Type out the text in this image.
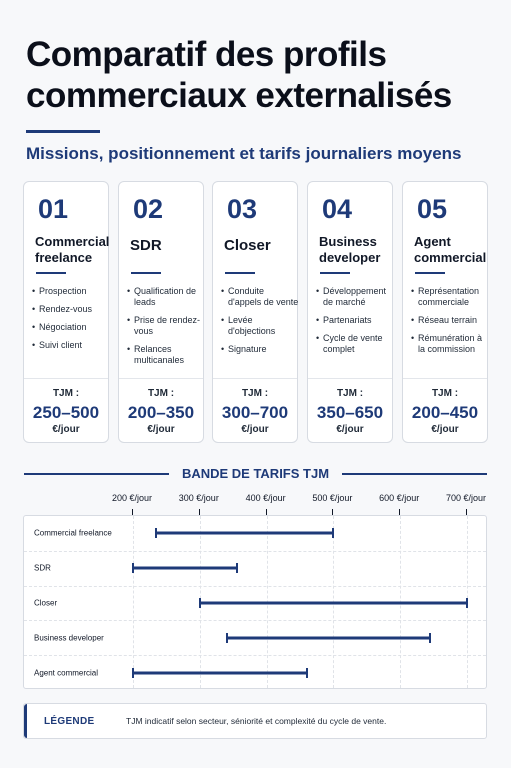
Comparatif des profils commerciaux externalisés
Missions, positionnement et tarifs journaliers moyens
01
Commercial freelance
• Prospection
• Rendez-vous
• Négociation
• Suivi client
TJM :
250–500
€/jour
02
SDR
• Qualification de leads
• Prise de rendez-vous
• Relances multicanales
TJM :
200–350
€/jour
03
Closer
• Conduite d'appels de vente
• Levée d'objections
• Signature
TJM :
300–700
€/jour
04
Business developer
• Développement de marché
• Partenariats
• Cycle de vente complet
TJM :
350–650
€/jour
05
Agent commercial
• Représentation commerciale
• Réseau terrain
• Rémunération à la commission
TJM :
200–450
€/jour
BANDE DE TARIFS TJM
200 €/jour	300 €/jour	400 €/jour	500 €/jour	600 €/jour	700 €/jour
Commercial freelance
SDR
Closer
Business developer
Agent commercial
LÉGENDE	TJM indicatif selon secteur, séniorité et complexité du cycle de vente.
